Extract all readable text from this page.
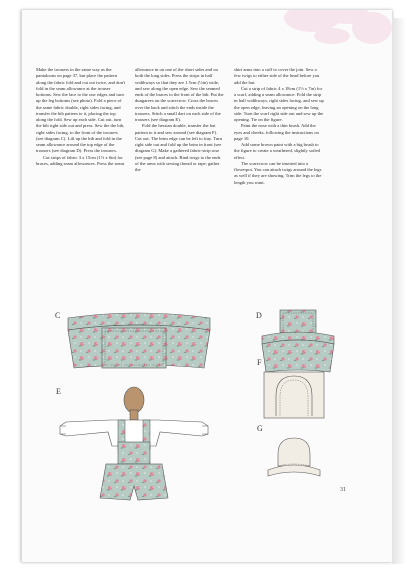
Make the trousers in the same way as the pantaloons on page 37, but place the pattern along the fabric fold and cut out twice, and don't fold in the seam allowance at the trouser bottoms. Sew the lace to the raw edges and turn up the leg bottoms (see photo). Fold a piece of the same fabric double, right sides facing, and transfer the bib pattern to it, placing the top along the fold. Sew up each side. Cut out, turn the bib right side out and press. Sew the the bib, right sides facing, to the front of the trousers (see diagram C). Lift up the bib and fold in the seam allowance around the top edge of the trousers (see diagram D). Press the trousers.

Cut strips of fabric 3 x 15cm (1½ x 6in) for braces, adding seam allowances. Press the seam

allowance in on one of the short sides and on both the long sides. Press the strips in half widthways so that they are 1.5cm (½in) wide, and sew along the open edge. Sew the seamed ends of the braces to the front of the bib. Put the dungarees on the scarecrow. Cross the braces over the back and stitch the ends inside the trousers. Stitch a small dart on each side of the trousers (see diagram E).

Fold the hessian double, transfer the hat pattern to it and sew around (see diagram F). Cut out. The brim edge can be left to fray. Turn right side out and fold up the brim in front (see diagram G). Make a gathered fabric-strip rose (see page 8) and attach. Bind twigs to the ends of the arms with sewing thread or tape; gather the

shirt arms into a cuff to cover the join. Sew a few twigs to either side of the head before you add the hat.

Cut a strip of fabric 4 x 18cm (1½ x 7in) for a scarf, adding a seam allowance. Fold the strip in half widthways, right sides facing, and sew up the open edge, leaving an opening on the long side. Turn the scarf right side out and sew up the opening. Tie on the figure.

Paint the nose with a thin brush. Add the eyes and cheeks, following the instructions on page 10.

Add some brown paint with a big brush to the figure to create a weathered, slightly soiled effect.

The scarecrow can be inserted into a flowerpot. You can attach twigs around the legs as well if they are showing. Trim the legs to the length you want.

C	D
E
F
G
31
